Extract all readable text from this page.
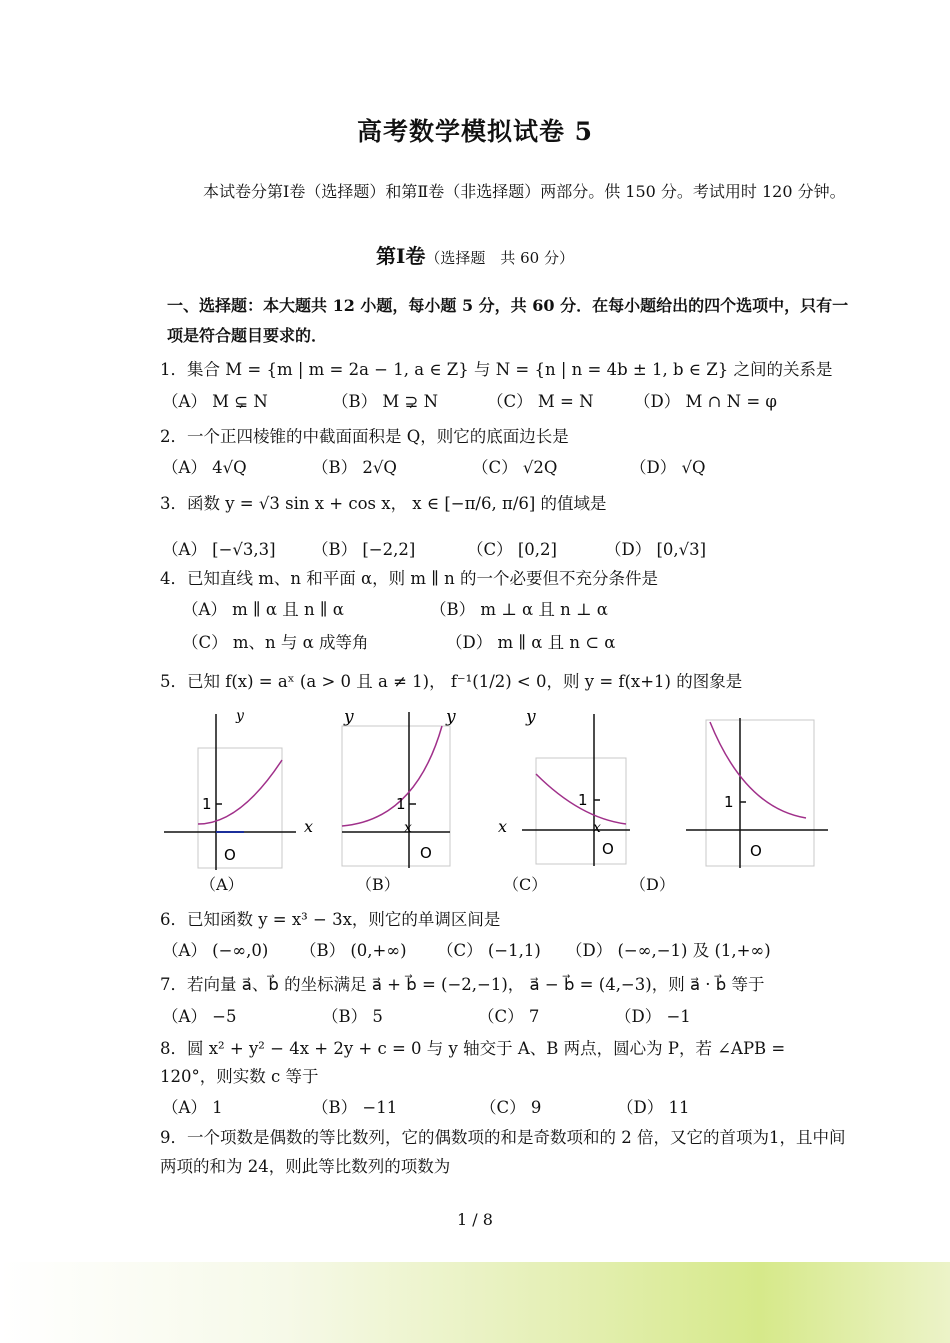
高考数学模拟试卷 5
本试卷分第Ⅰ卷（选择题）和第Ⅱ卷（非选择题）两部分。供 150 分。考试用时 120 分钟。
第Ⅰ卷（选择题　共 60 分）
一、选择题：本大题共 12 小题，每小题 5 分，共 60 分．在每小题给出的四个选项中，只有一项是符合题目要求的．
1．集合 M = {m | m = 2a − 1, a ∈ Z} 与 N = {n | n = 4b ± 1, b ∈ Z} 之间的关系是
（A） M ⊊ N	（B） M ⊋ N	（C） M = N （D） M ∩ N = φ
2．一个正四棱锥的中截面面积是 Q，则它的底面边长是
（A） 4√Q	（B） 2√Q	（C） √2Q	（D） √Q
3．函数 y = √3 sin x + cos x， x ∈ [−π/6, π/6] 的值域是
（A） [−√3,3] （B） [−2,2]	（C） [0,2]	（D） [0,√3]
4．已知直线 m、n 和平面 α，则 m ∥ n 的一个必要但不充分条件是
（A） m ∥ α 且 n ∥ α	（B） m ⊥ α 且 n ⊥ α
（C） m、n 与 α 成等角	（D） m ∥ α 且 n ⊂ α
5．已知 f(x) = aˣ (a > 0 且 a ≠ 1)， f⁻¹(1/2) < 0，则 y = f(x+1) 的图象是
1
O
y
x
1
O
y	y
x
1
O
y
x	x
1
O
（A）	（B）	（C）	（D）
6．已知函数 y = x³ − 3x，则它的单调区间是
（A） (−∞,0) （B） (0,+∞) （C） (−1,1) （D） (−∞,−1) 及 (1,+∞)
7．若向量 a⃗、b⃗ 的坐标满足 a⃗ + b⃗ = (−2,−1)， a⃗ − b⃗ = (4,−3)，则 a⃗ · b⃗ 等于
（A） −5	（B） 5	（C） 7	（D） −1
8．圆 x² + y² − 4x + 2y + c = 0 与 y 轴交于 A、B 两点，圆心为 P，若 ∠APB =
120°，则实数 c 等于
（A） 1	（B） −11	（C） 9	（D） 11
9．一个项数是偶数的等比数列，它的偶数项的和是奇数项和的 2 倍，又它的首项为1，且中间两项的和为 24，则此等比数列的项数为
1 / 8
